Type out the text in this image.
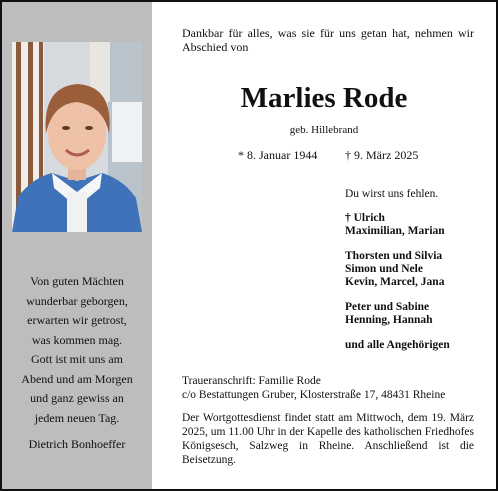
Von guten Mächten
wunderbar geborgen,
erwarten wir getrost,
was kommen mag.
Gott ist mit uns am
Abend und am Morgen
und ganz gewiss an
jedem neuen Tag.
Dietrich Bonhoeffer
Dankbar für alles, was sie für uns getan hat, nehmen wir Abschied von
Marlies Rode
geb. Hillebrand
* 8. Januar 1944 † 9. März 2025
Du wirst uns fehlen.
† Ulrich
Maximilian, Marian
Thorsten und Silvia
Simon und Nele
Kevin, Marcel, Jana
Peter und Sabine
Henning, Hannah
und alle Angehörigen
Traueranschrift: Familie Rode
c/o Bestattungen Gruber, Klosterstraße 17, 48431 Rheine
Der Wortgottesdienst findet statt am Mittwoch, dem 19. März 2025, um 11.00 Uhr in der Kapelle des katholischen Friedhofes Königsesch, Salzweg in Rheine. Anschließend ist die Beisetzung.
